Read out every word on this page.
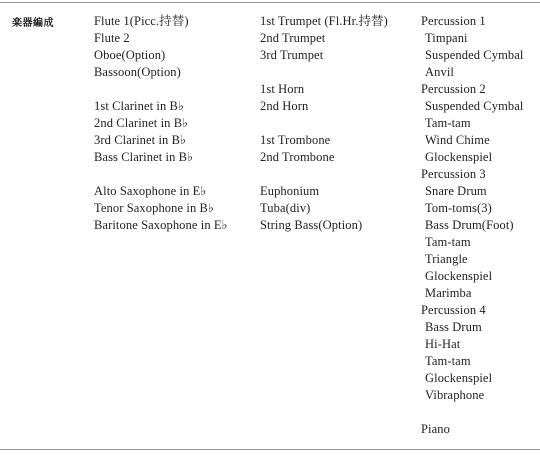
楽器編成	Flute 1(Picc.持替)
Flute 2
Oboe(Option)
Bassoon(Option)
1st Clarinet in B♭
2nd Clarinet in B♭
3rd Clarinet in B♭
Bass Clarinet in B♭
Alto Saxophone in E♭
Tenor Saxophone in B♭
Baritone Saxophone in E♭
1st Trumpet (Fl.Hr.持替)
2nd Trumpet
3rd Trumpet
1st Horn
2nd Horn
1st Trombone
2nd Trombone
Euphonium
Tuba(div)
String Bass(Option)
Percussion 1
Timpani
Suspended Cymbal
Anvil
Percussion 2
Suspended Cymbal
Tam-tam
Wind Chime
Glockenspiel
Percussion 3
Snare Drum
Tom-toms(3)
Bass Drum(Foot)
Tam-tam
Triangle
Glockenspiel
Marimba
Percussion 4
Bass Drum
Hi-Hat
Tam-tam
Glockenspiel
Vibraphone
Piano
